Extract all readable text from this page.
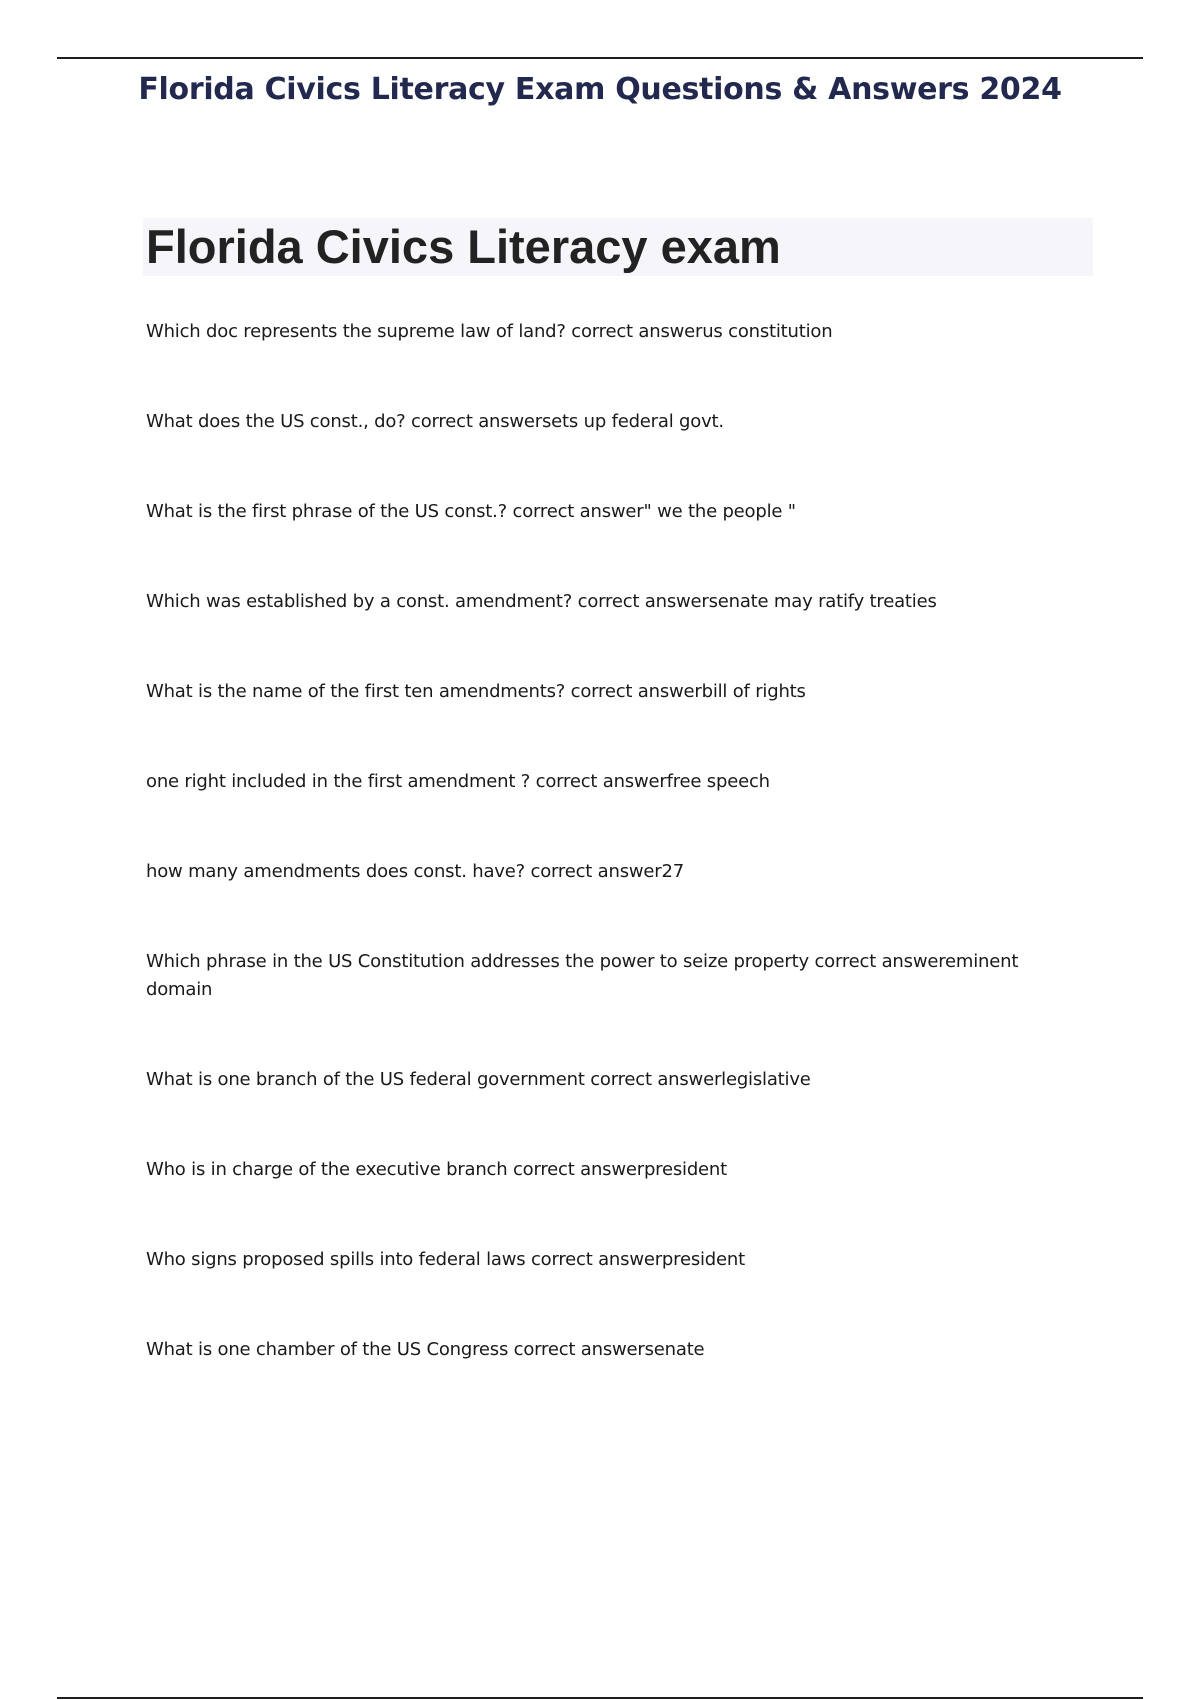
Florida Civics Literacy Exam Questions & Answers 2024
Florida Civics Literacy exam
Which doc represents the supreme law of land? correct answerus constitution
What does the US const., do? correct answersets up federal govt.
What is the first phrase of the US const.? correct answer" we the people "
Which was established by a const. amendment? correct answersenate may ratify treaties
What is the name of the first ten amendments? correct answerbill of rights
one right included in the first amendment ? correct answerfree speech
how many amendments does const. have? correct answer27
Which phrase in the US Constitution addresses the power to seize property correct answereminent domain
What is one branch of the US federal government correct answerlegislative
Who is in charge of the executive branch correct answerpresident
Who signs proposed spills into federal laws correct answerpresident
What is one chamber of the US Congress correct answersenate
